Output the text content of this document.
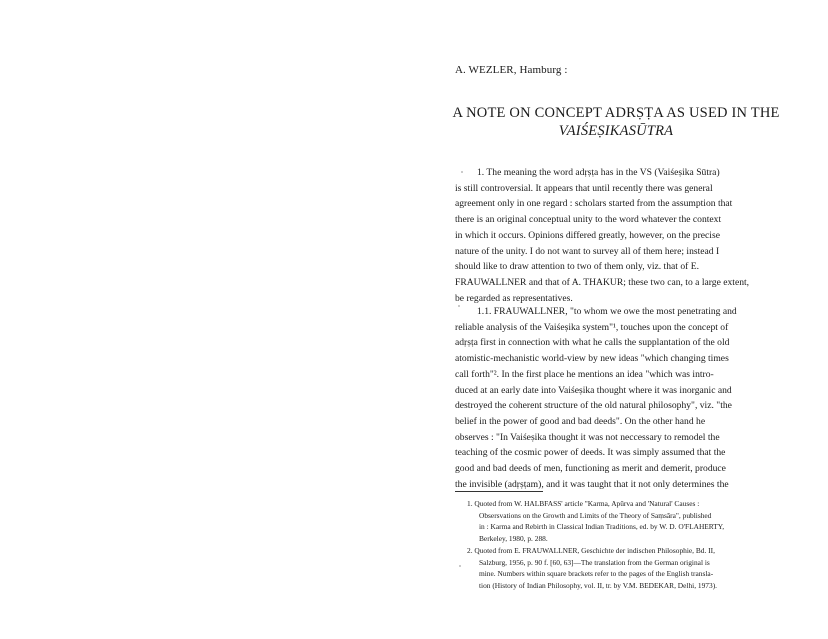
A. WEZLER, Hamburg :
A NOTE ON CONCEPT ADRṢṬA AS USED IN THE
VAIŚEṢIKASŪTRA
1. The meaning the word adṛṣṭa has in the VS (Vaiśeṣika Sūtra)
is still controversial. It appears that until recently there was general
agreement only in one regard : scholars started from the assumption that
there is an original conceptual unity to the word whatever the context
in which it occurs. Opinions differed greatly, however, on the precise
nature of the unity. I do not want to survey all of them here; instead I
should like to draw attention to two of them only, viz. that of E.
FRAUWALLNER and that of A. THAKUR; these two can, to a large extent,
be regarded as representatives.
1.1. FRAUWALLNER, "to whom we owe the most penetrating and
reliable analysis of the Vaiśeṣika system"¹, touches upon the concept of
adṛṣṭa first in connection with what he calls the supplantation of the old
atomistic-mechanistic world-view by new ideas "which changing times
call forth"². In the first place he mentions an idea "which was intro-
duced at an early date into Vaiśeṣika thought where it was inorganic and
destroyed the coherent structure of the old natural philosophy", viz. "the
belief in the power of good and bad deeds". On the other hand he
observes : "In Vaiśeṣika thought it was not neccessary to remodel the
teaching of the cosmic power of deeds. It was simply assumed that the
good and bad deeds of men, functioning as merit and demerit, produce
the invisible (adṛṣṭam), and it was taught that it not only determines the
1. Quoted from W. HALBFASS' article "Karma, Apūrva and 'Natural' Causes :
Obsersvations on the Growth and Limits of the Theory of Saṃsāra", published
in : Karma and Rebirth in Classical Indian Traditions, ed. by W. D. O'FLAHERTY,
Berkeley, 1980, p. 288.
2. Quoted from E. FRAUWALLNER, Geschichte der indischen Philosophie, Bd. II,
Salzburg, 1956, p. 90 f. [60, 63]—The translation from the German original is
mine. Numbers within square brackets refer to the pages of the English transla-
tion (History of Indian Philosophy, vol. II, tr. by V.M. BEDEKAR, Delhi, 1973).
